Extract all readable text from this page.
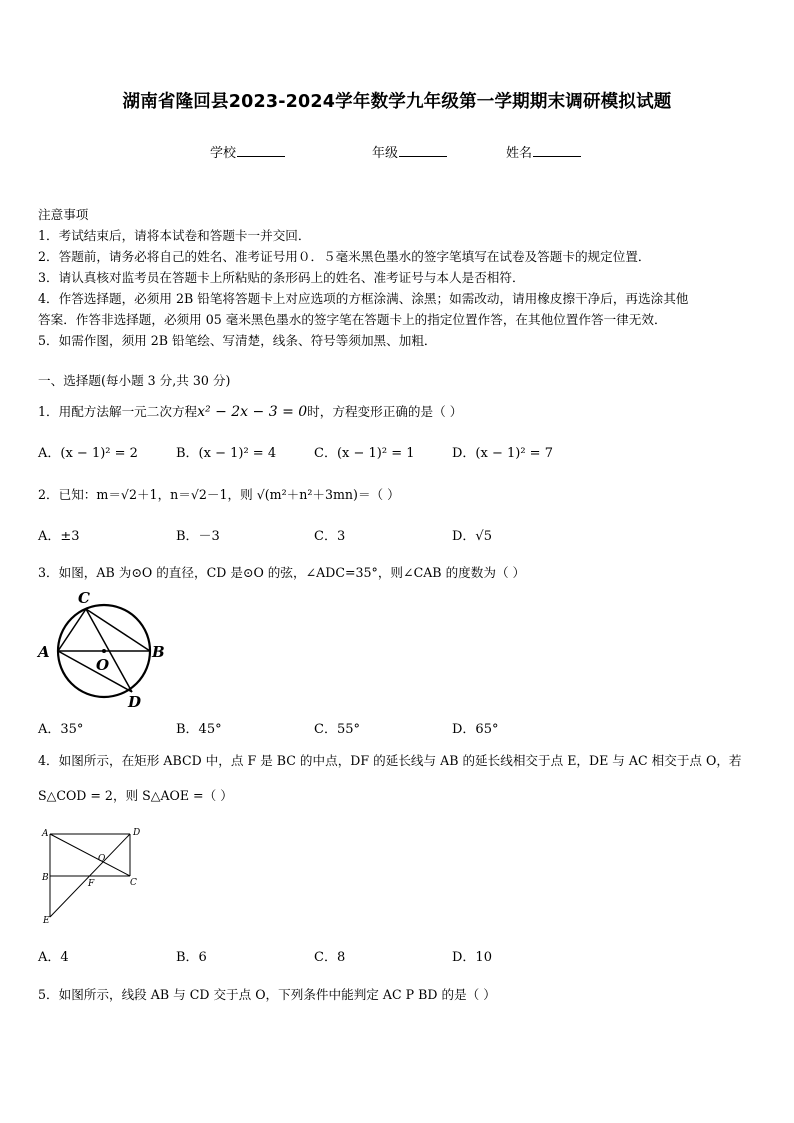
湖南省隆回县2023-2024学年数学九年级第一学期期末调研模拟试题
学校	年级	姓名
注意事项
1．考试结束后，请将本试卷和答题卡一并交回．
2．答题前，请务必将自己的姓名、准考证号用０．５毫米黑色墨水的签字笔填写在试卷及答题卡的规定位置．
3．请认真核对监考员在答题卡上所粘贴的条形码上的姓名、准考证号与本人是否相符．
4．作答选择题，必须用 2B 铅笔将答题卡上对应选项的方框涂满、涂黑；如需改动，请用橡皮擦干净后，再选涂其他
答案．作答非选择题，必须用 05 毫米黑色墨水的签字笔在答题卡上的指定位置作答，在其他位置作答一律无效．
5．如需作图，须用 2B 铅笔绘、写清楚，线条、符号等须加黑、加粗．
一、选择题(每小题 3 分,共 30 分)
1．用配方法解一元二次方程x² − 2x − 3 = 0时，方程变形正确的是（ ）
A．(x − 1)² = 2	B．(x − 1)² = 4	C．(x − 1)² = 1	D．(x − 1)² = 7
2．已知：m＝√2＋1，n＝√2－1，则 √(m²＋n²＋3mn)＝（ ）
A．±3	B．－3	C．3	D．√5
3．如图，AB 为⊙O 的直径，CD 是⊙O 的弦，∠ADC=35°，则∠CAB 的度数为（ ）
A	B
C
D
O
A．35°	B．45°	C．55°	D．65°
4．如图所示，在矩形 ABCD 中，点 F 是 BC 的中点，DF 的延长线与 AB 的延长线相交于点 E，DE 与 AC 相交于点 O，若
S△COD = 2，则 S△AOE =（ ）
A	D
B	C
O
F
E
A．4	B．6	C．8	D．10
5．如图所示，线段 AB 与 CD 交于点 O，下列条件中能判定 AC P BD 的是（ ）
